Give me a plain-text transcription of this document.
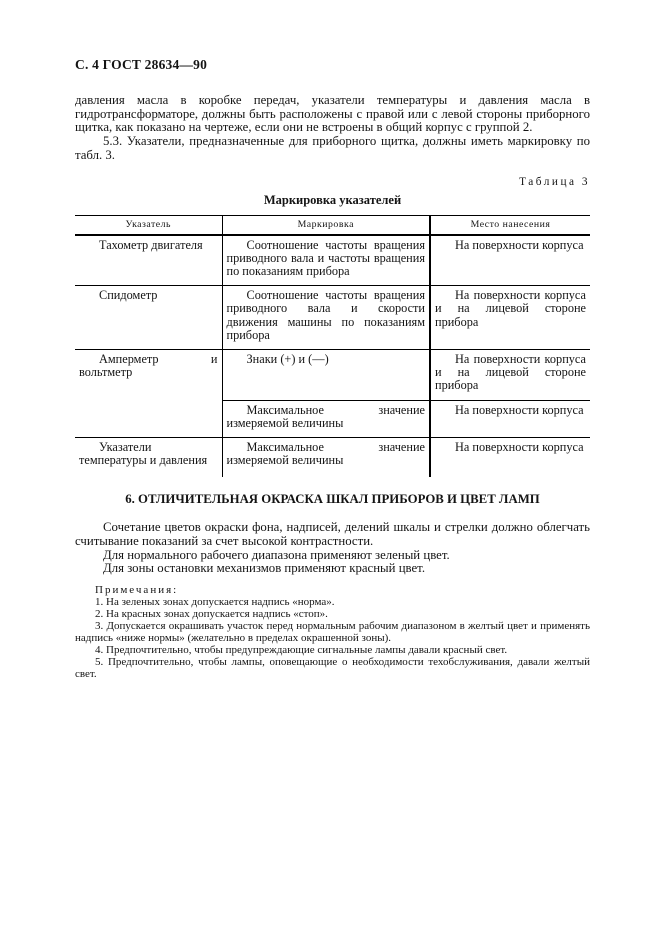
С. 4 ГОСТ 28634—90

давления масла в коробке передач, указатели температуры и давления масла в гидротрансформаторе, должны быть расположены с правой или с левой стороны приборного щитка, как показано на чертеже, если они не встроены в общий корпус с группой 2.

5.3. Указатели, предназначенные для приборного щитка, должны иметь маркировку по табл. 3.

Таблица 3

Маркировка указателей

Указатель	Маркировка	Место нанесения
Тахометр двигателя	Соотношение частоты вращения приводного вала и частоты вращения по показаниям прибора	На поверхности корпуса
Спидометр	Соотношение частоты вращения приводного вала и скорости движения машины по показаниям прибора	На поверхности корпуса и на лицевой стороне прибора
Амперметр и вольтметр	Знаки (+) и (—)	На поверхности корпуса и на лицевой стороне прибора
	Максимальное значение измеряемой величины	На поверхности корпуса
Указатели температуры и давления	Максимальное значение измеряемой величины	На поверхности корпуса

6. ОТЛИЧИТЕЛЬНАЯ ОКРАСКА ШКАЛ ПРИБОРОВ И ЦВЕТ ЛАМП

Сочетание цветов окраски фона, надписей, делений шкалы и стрелки должно облегчать считывание показаний за счет высокой контрастности.

Для нормального рабочего диапазона применяют зеленый цвет.

Для зоны остановки механизмов применяют красный цвет.

Примечания:

1. На зеленых зонах допускается надпись «норма».

2. На красных зонах допускается надпись «стоп».

3. Допускается окрашивать участок перед нормальным рабочим диапазоном в желтый цвет и применять надпись «ниже нормы» (желательно в пределах окрашенной зоны).

4. Предпочтительно, чтобы предупреждающие сигнальные лампы давали красный свет.

5. Предпочтительно, чтобы лампы, оповещающие о необходимости техобслуживания, давали желтый свет.
